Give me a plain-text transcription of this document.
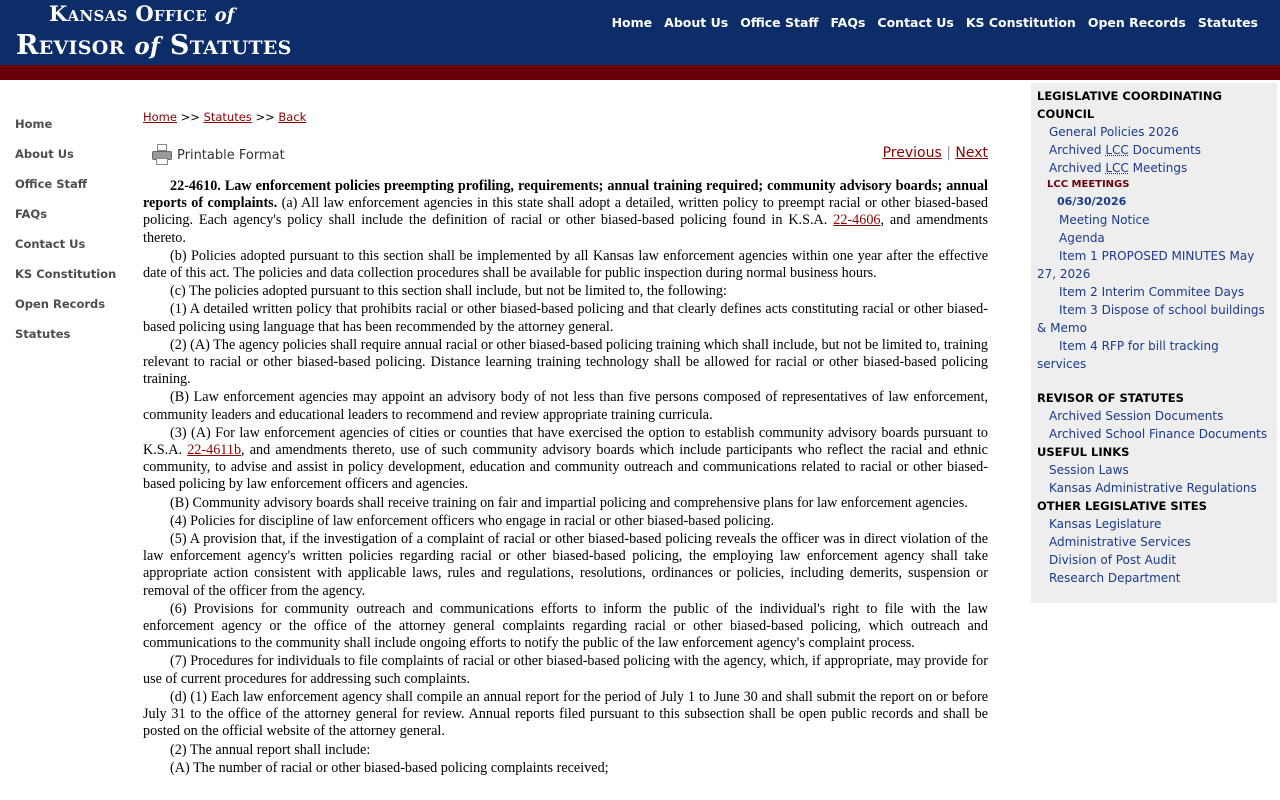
Kansas Office of
Revisor of Statutes
Home About Us Office Staff FAQs Contact Us KS Constitution Open Records Statutes
Home
About Us
Office Staff
FAQs
Contact Us
KS Constitution
Open Records
Statutes
Home >> Statutes >> Back
Printable Format	Previous | Next

22-4610. Law enforcement policies preempting profiling, requirements; annual training required; community advisory boards; annual reports of complaints. (a) All law enforcement agencies in this state shall adopt a detailed, written policy to preempt racial or other biased-based policing. Each agency's policy shall include the definition of racial or other biased-based policing found in K.S.A. 22-4606, and amendments thereto.

(b) Policies adopted pursuant to this section shall be implemented by all Kansas law enforcement agencies within one year after the effective date of this act. The policies and data collection procedures shall be available for public inspection during normal business hours.

(c) The policies adopted pursuant to this section shall include, but not be limited to, the following:

(1) A detailed written policy that prohibits racial or other biased-based policing and that clearly defines acts constituting racial or other biased-based policing using language that has been recommended by the attorney general.

(2) (A) The agency policies shall require annual racial or other biased-based policing training which shall include, but not be limited to, training relevant to racial or other biased-based policing. Distance learning training technology shall be allowed for racial or other biased-based policing training.

(B) Law enforcement agencies may appoint an advisory body of not less than five persons composed of representatives of law enforcement, community leaders and educational leaders to recommend and review appropriate training curricula.

(3) (A) For law enforcement agencies of cities or counties that have exercised the option to establish community advisory boards pursuant to K.S.A. 22-4611b, and amendments thereto, use of such community advisory boards which include participants who reflect the racial and ethnic community, to advise and assist in policy development, education and community outreach and communications related to racial or other biased-based policing by law enforcement officers and agencies.

(B) Community advisory boards shall receive training on fair and impartial policing and comprehensive plans for law enforcement agencies.

(4) Policies for discipline of law enforcement officers who engage in racial or other biased-based policing.

(5) A provision that, if the investigation of a complaint of racial or other biased-based policing reveals the officer was in direct violation of the law enforcement agency's written policies regarding racial or other biased-based policing, the employing law enforcement agency shall take appropriate action consistent with applicable laws, rules and regulations, resolutions, ordinances or policies, including demerits, suspension or removal of the officer from the agency.

(6) Provisions for community outreach and communications efforts to inform the public of the individual's right to file with the law enforcement agency or the office of the attorney general complaints regarding racial or other biased-based policing, which outreach and communications to the community shall include ongoing efforts to notify the public of the law enforcement agency's complaint process.

(7) Procedures for individuals to file complaints of racial or other biased-based policing with the agency, which, if appropriate, may provide for use of current procedures for addressing such complaints.

(d) (1) Each law enforcement agency shall compile an annual report for the period of July 1 to June 30 and shall submit the report on or before July 31 to the office of the attorney general for review. Annual reports filed pursuant to this subsection shall be open public records and shall be posted on the official website of the attorney general.

(2) The annual report shall include:

(A) The number of racial or other biased-based policing complaints received;

LEGISLATIVE COORDINATING COUNCIL
General Policies 2026
Archived LCC Documents
Archived LCC Meetings
LCC MEETINGS
06/30/2026
Meeting Notice
Agenda
Item 1 PROPOSED MINUTES May 27, 2026
Item 2 Interim Commitee Days
Item 3 Dispose of school buildings & Memo
Item 4 RFP for bill tracking services
REVISOR OF STATUTES
Archived Session Documents
Archived School Finance Documents
USEFUL LINKS
Session Laws
Kansas Administrative Regulations
OTHER LEGISLATIVE SITES
Kansas Legislature
Administrative Services
Division of Post Audit
Research Department
